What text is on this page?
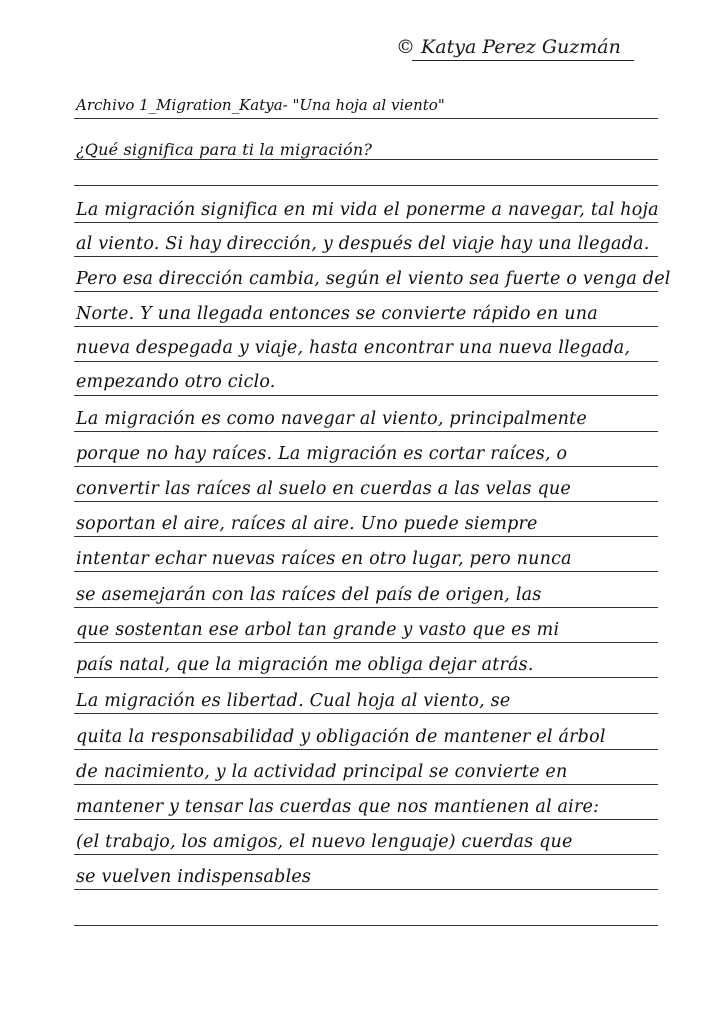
© Katya Perez Guzmán
Archivo 1_Migration_Katya- "Una hoja al viento"
¿Qué significa para ti la migración?
La migración significa en mi vida el ponerme a navegar, tal hoja
al viento. Si hay dirección, y después del viaje hay una llegada.
Pero esa dirección cambia, según el viento sea fuerte o venga del
Norte. Y una llegada entonces se convierte rápido en una
nueva despegada y viaje, hasta encontrar una nueva llegada,
empezando otro ciclo.
La migración es como navegar al viento, principalmente
porque no hay raíces. La migración es cortar raíces, o
convertir las raíces al suelo en cuerdas a las velas que
soportan el aire, raíces al aire. Uno puede siempre
intentar echar nuevas raíces en otro lugar, pero nunca
se asemejarán con las raíces del país de origen, las
que sostentan ese arbol tan grande y vasto que es mi
país natal, que la migración me obliga dejar atrás.
La migración es libertad. Cual hoja al viento, se
quita la responsabilidad y obligación de mantener el árbol
de nacimiento, y la actividad principal se convierte en
mantener y tensar las cuerdas que nos mantienen al aire:
(el trabajo, los amigos, el nuevo lenguaje) cuerdas que
se vuelven indispensables
